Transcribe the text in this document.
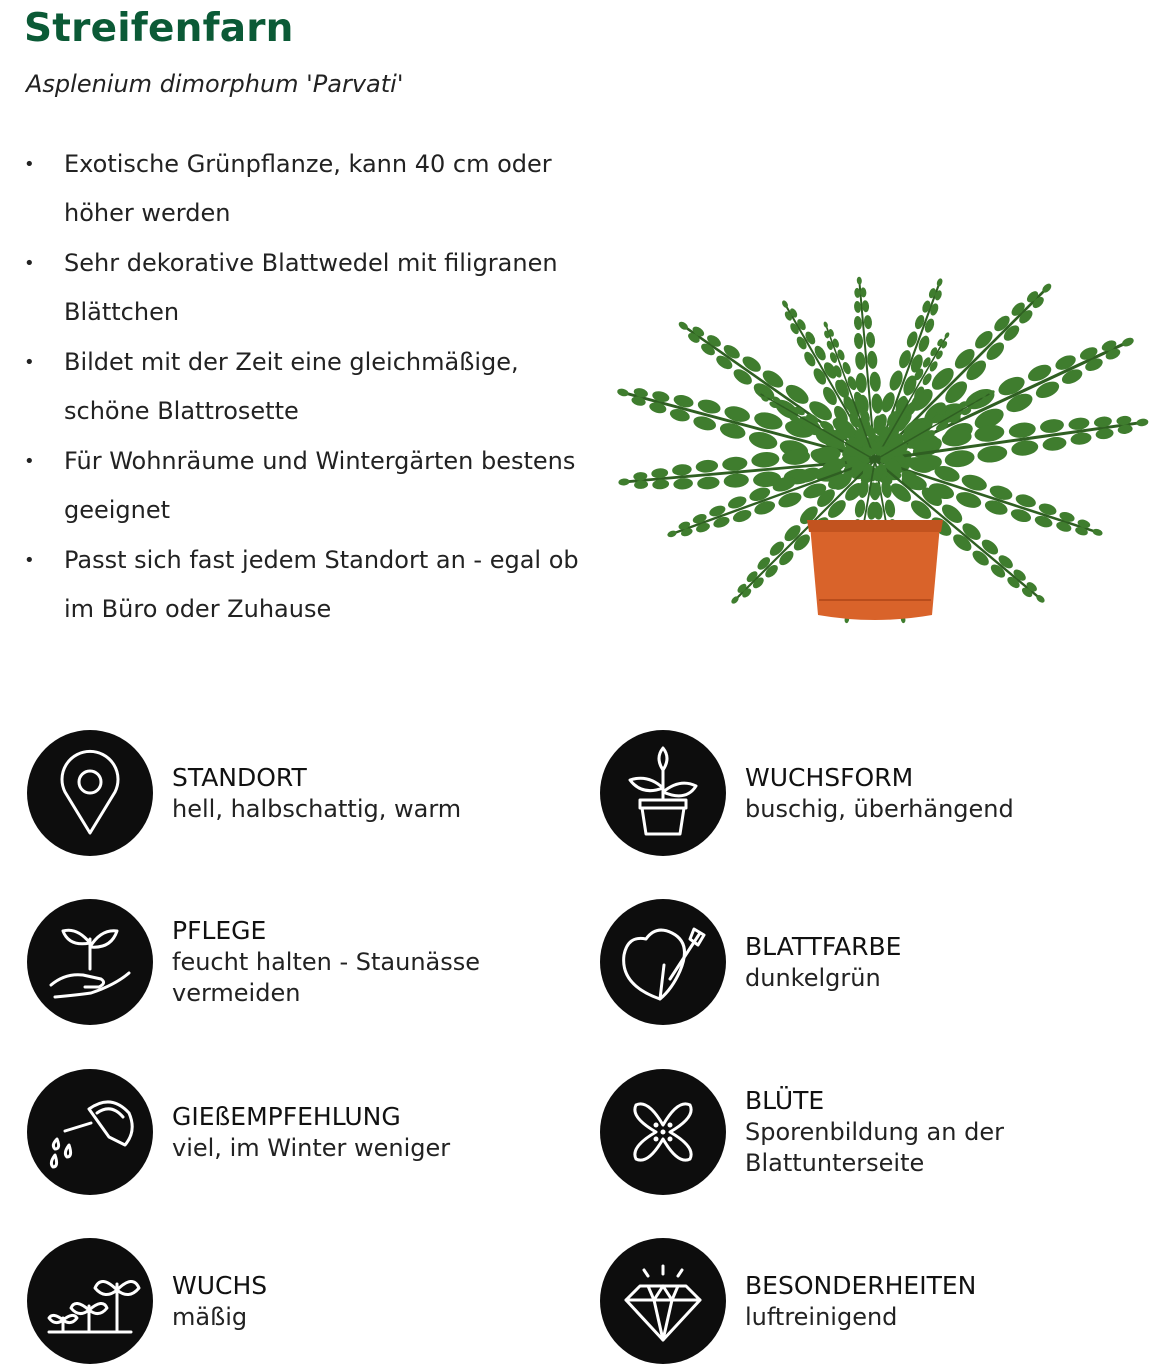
Streifenfarn

Asplenium dimorphum 'Parvati'

• Exotische Grünpflanze, kann 40 cm oder höher werden
• Sehr dekorative Blattwedel mit filigranen Blättchen
• Bildet mit der Zeit eine gleichmäßige, schöne Blattrosette
• Für Wohnräume und Wintergärten bestens geeignet
• Passt sich fast jedem Standort an - egal ob im Büro oder Zuhause
STANDORT
hell, halbschattig, warm
WUCHSFORM
buschig, überhängend
PFLEGE
feucht halten - Staunässe vermeiden
BLATTFARBE
dunkelgrün
GIEßEMPFEHLUNG
viel, im Winter weniger
BLÜTE
Sporenbildung an der Blattunterseite
WUCHS
mäßig
BESONDERHEITEN
luftreinigend
